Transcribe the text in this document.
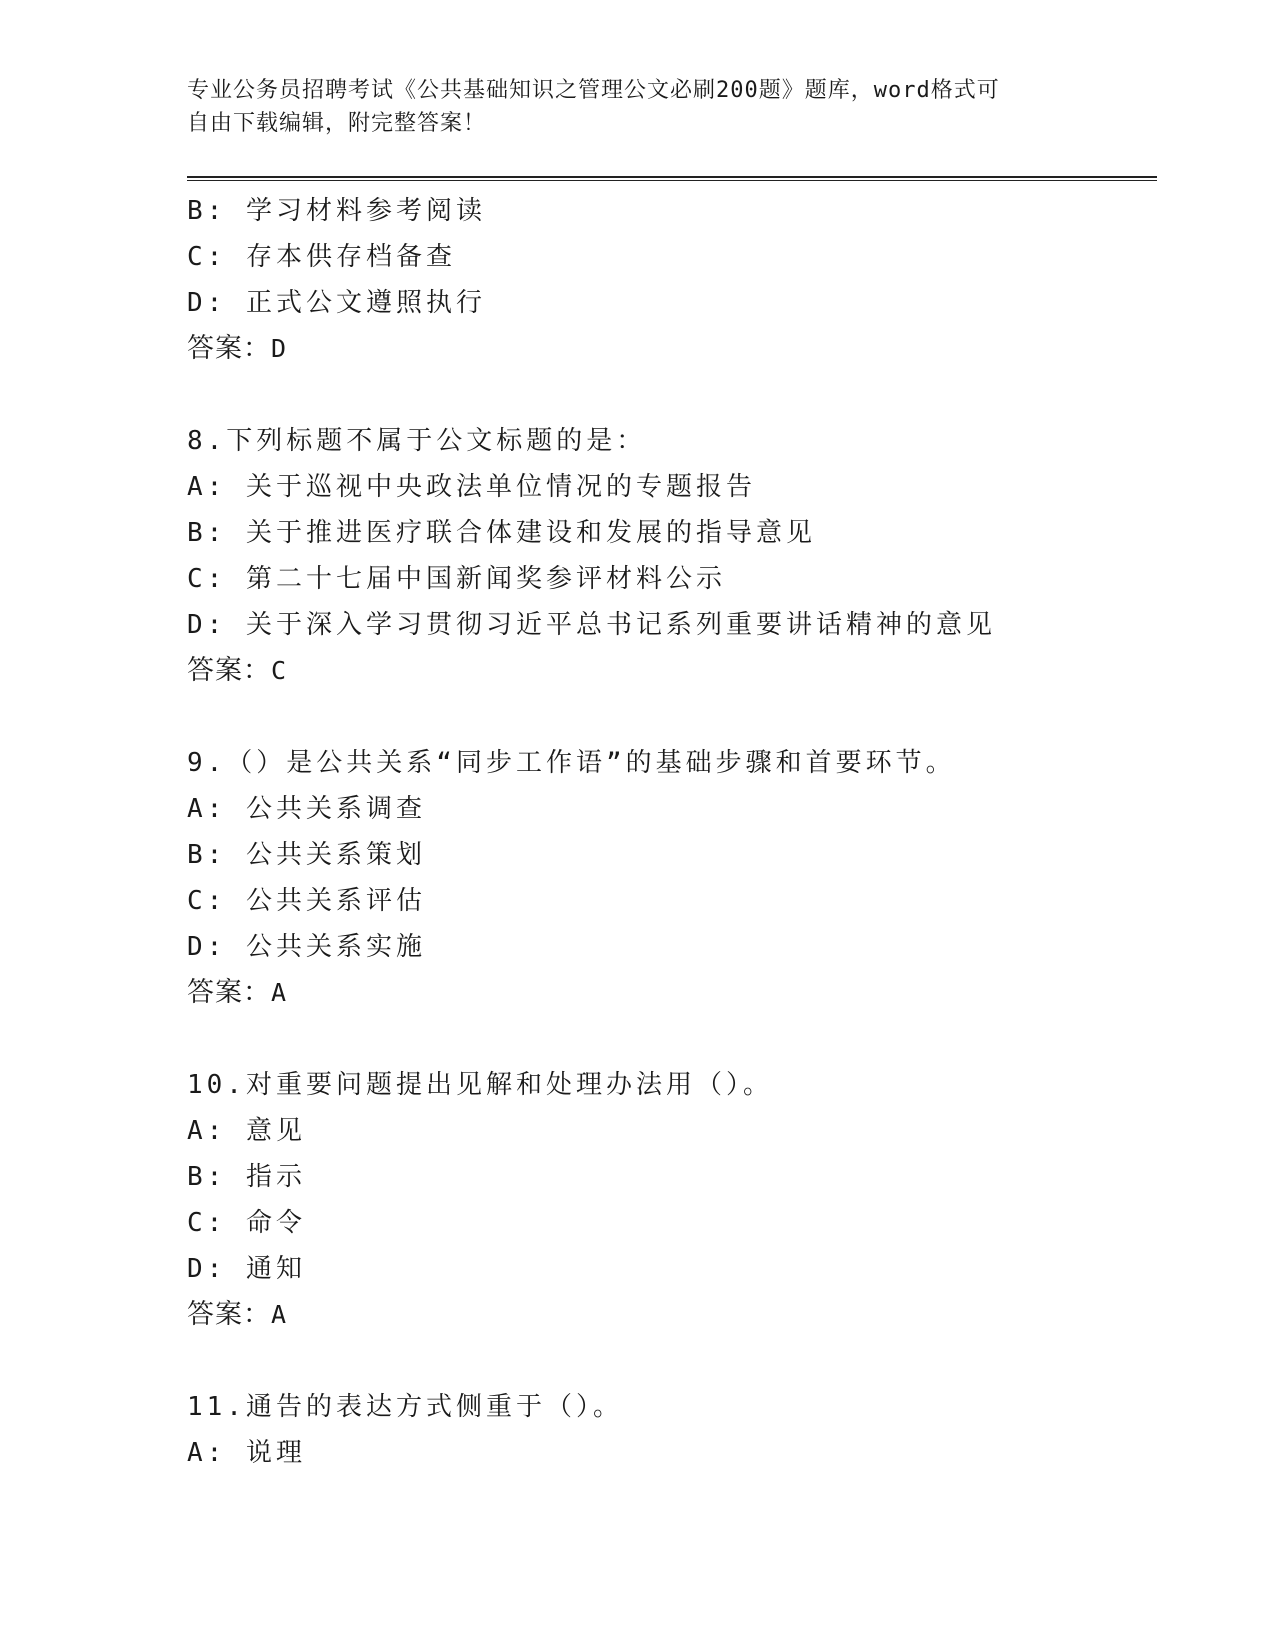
专业公务员招聘考试《公共基础知识之管理公文必刷200题》题库，word格式可
自由下载编辑，附完整答案！
B: 学习材料参考阅读
C: 存本供存档备查
D: 正式公文遵照执行
答案：D
8.下列标题不属于公文标题的是：
A: 关于巡视中央政法单位情况的专题报告
B: 关于推进医疗联合体建设和发展的指导意见
C: 第二十七届中国新闻奖参评材料公示
D: 关于深入学习贯彻习近平总书记系列重要讲话精神的意见
答案：C
9.（）是公共关系“同步工作语”的基础步骤和首要环节。
A: 公共关系调查
B: 公共关系策划
C: 公共关系评估
D: 公共关系实施
答案：A
10.对重要问题提出见解和处理办法用（）。
A: 意见
B: 指示
C: 命令
D: 通知
答案：A
11.通告的表达方式侧重于（）。
A: 说理
